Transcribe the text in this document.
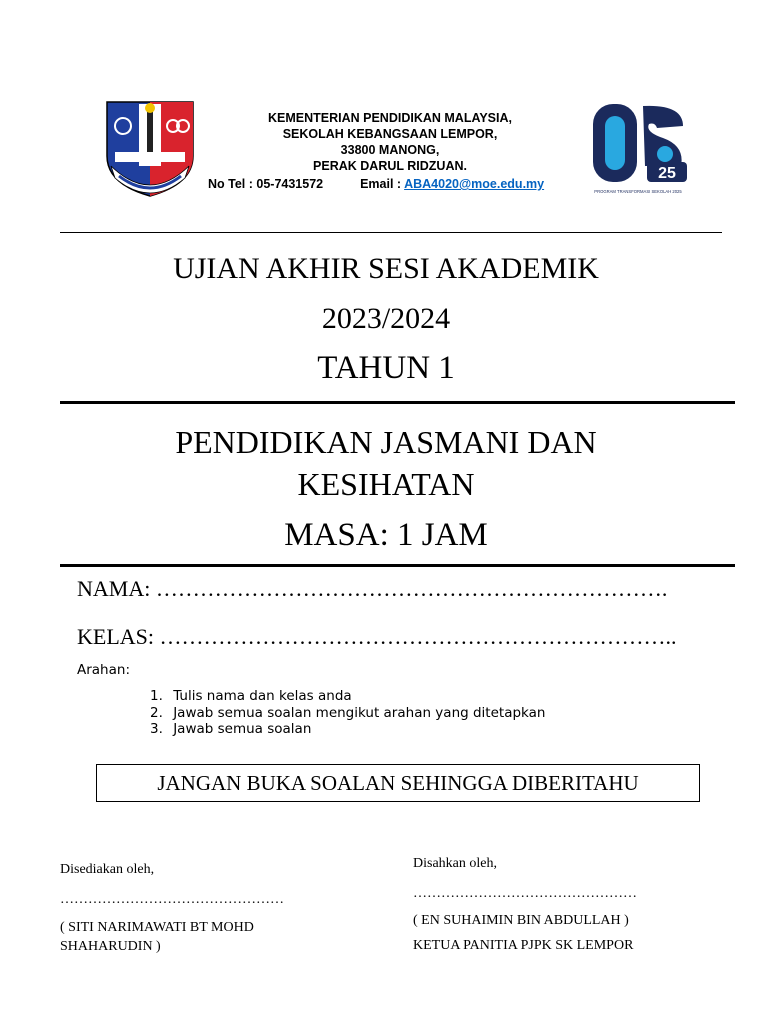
KEMENTERIAN PENDIDIKAN MALAYSIA,
SEKOLAH KEBANGSAAN LEMPOR,
33800 MANONG,
PERAK DARUL RIDZUAN.
No Tel : 05-7431572	Email : ABA4020@moe.edu.my
25
PROGRAM TRANSFORMASI SEKOLAH 2025
UJIAN AKHIR SESI AKADEMIK
2023/2024
TAHUN 1
PENDIDIKAN JASMANI DAN
KESIHATAN
MASA: 1 JAM
NAMA: …………………………………………………………….
KELAS: ……………………………………………………………..
Arahan:
1. Tulis nama dan kelas anda
2. Jawab semua soalan mengikut arahan yang ditetapkan
3. Jawab semua soalan
JANGAN BUKA SOALAN SEHINGGA DIBERITAHU
Disediakan oleh,
…………………………………………
( SITI NARIMAWATI BT MOHD
SHAHARUDIN )
Disahkan oleh,
…………………………………………
( EN SUHAIMIN BIN ABDULLAH )
KETUA PANITIA PJPK SK LEMPOR
